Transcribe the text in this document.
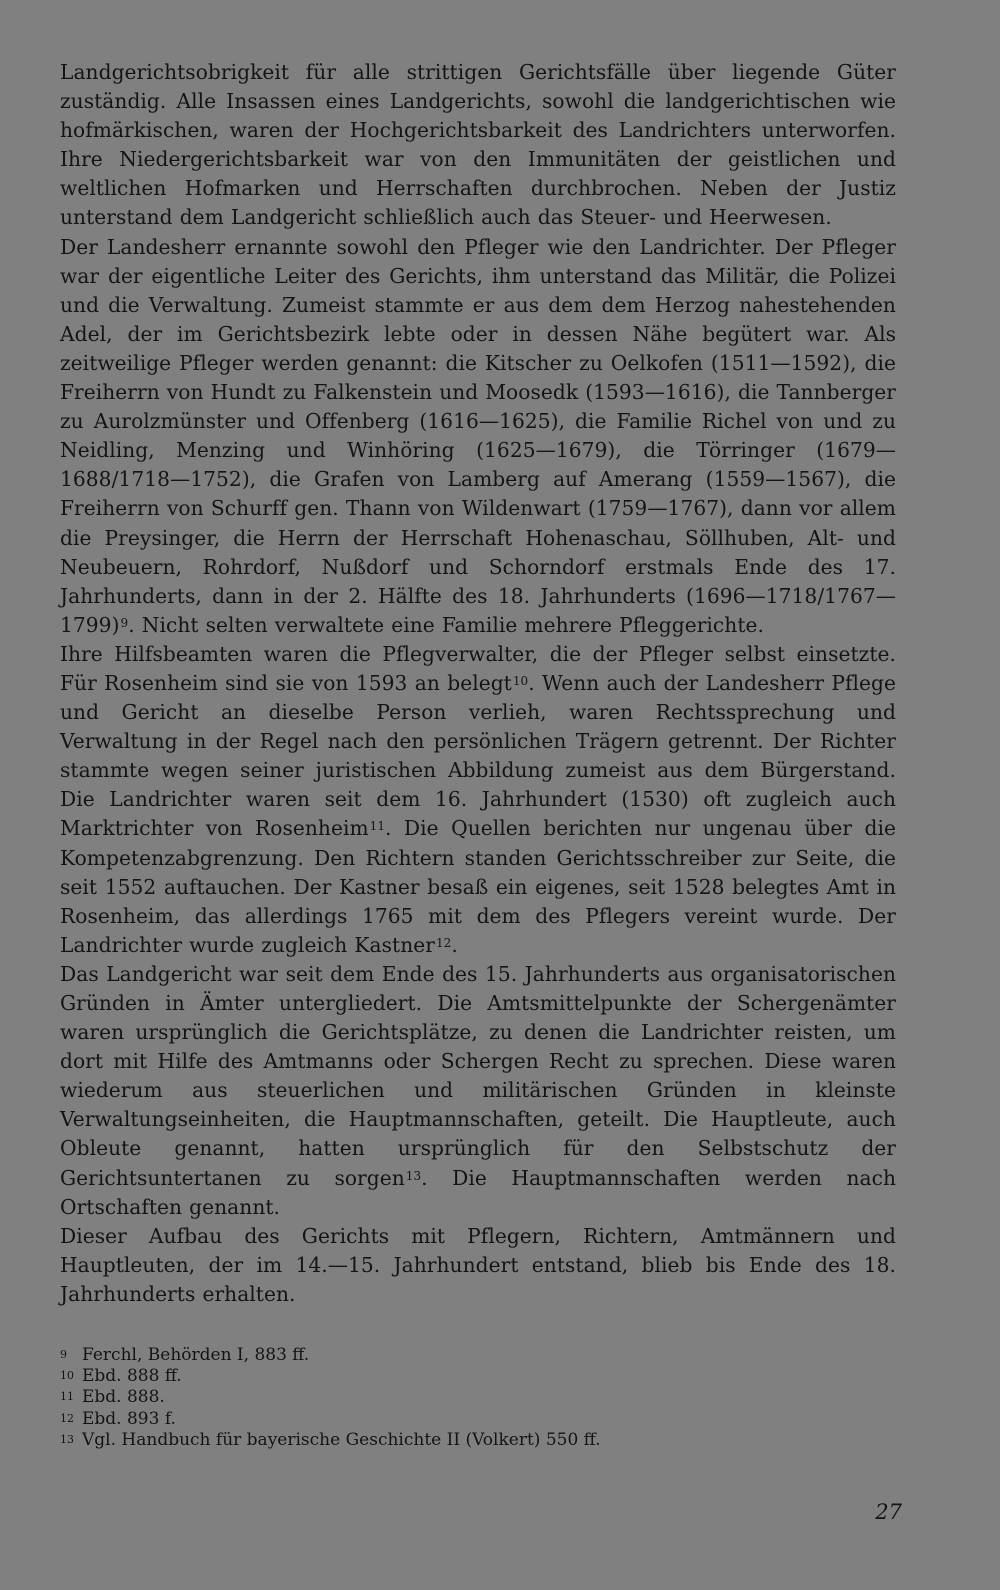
Landgerichtsobrigkeit für alle strittigen Gerichtsfälle über liegende Güter zuständig. Alle Insassen eines Landgerichts, sowohl die landgerichtischen wie hofmärkischen, waren der Hochgerichtsbarkeit des Landrichters unterworfen. Ihre Niedergerichtsbarkeit war von den Immunitäten der geistlichen und weltlichen Hofmarken und Herrschaften durchbrochen. Neben der Justiz unterstand dem Landgericht schließlich auch das Steuer- und Heerwesen.

Der Landesherr ernannte sowohl den Pfleger wie den Landrichter. Der Pfleger war der eigentliche Leiter des Gerichts, ihm unterstand das Militär, die Polizei und die Verwaltung. Zumeist stammte er aus dem dem Herzog nahestehenden Adel, der im Gerichtsbezirk lebte oder in dessen Nähe begütert war. Als zeitweilige Pfleger werden genannt: die Kitscher zu Oelkofen (1511—1592), die Freiherrn von Hundt zu Falkenstein und Moosedk (1593—1616), die Tannberger zu Aurolzmünster und Offenberg (1616—1625), die Familie Richel von und zu Neidling, Menzing und Winhöring (1625—1679), die Törringer (1679—1688/1718—1752), die Grafen von Lamberg auf Amerang (1559—1567), die Freiherrn von Schurff gen. Thann von Wildenwart (1759—1767), dann vor allem die Preysinger, die Herrn der Herrschaft Hohenaschau, Söllhuben, Alt- und Neubeuern, Rohrdorf, Nußdorf und Schorndorf erstmals Ende des 17. Jahrhunderts, dann in der 2. Hälfte des 18. Jahrhunderts (1696—1718/1767—1799)$^9$. Nicht selten verwaltete eine Familie mehrere Pfleggerichte.

Ihre Hilfsbeamten waren die Pflegverwalter, die der Pfleger selbst einsetzte. Für Rosenheim sind sie von 1593 an belegt$^{10}$. Wenn auch der Landesherr Pflege und Gericht an dieselbe Person verlieh, waren Rechtssprechung und Verwaltung in der Regel nach den persönlichen Trägern getrennt. Der Richter stammte wegen seiner juristischen Abbildung zumeist aus dem Bürgerstand. Die Landrichter waren seit dem 16. Jahrhundert (1530) oft zugleich auch Marktrichter von Rosenheim$^{11}$. Die Quellen berichten nur ungenau über die Kompetenzabgrenzung. Den Richtern standen Gerichtsschreiber zur Seite, die seit 1552 auftauchen. Der Kastner besaß ein eigenes, seit 1528 belegtes Amt in Rosenheim, das allerdings 1765 mit dem des Pflegers vereint wurde. Der Landrichter wurde zugleich Kastner$^{12}$.

Das Landgericht war seit dem Ende des 15. Jahrhunderts aus organisatorischen Gründen in Ämter untergliedert. Die Amtsmittelpunkte der Schergenämter waren ursprünglich die Gerichtsplätze, zu denen die Landrichter reisten, um dort mit Hilfe des Amtmanns oder Schergen Recht zu sprechen. Diese waren wiederum aus steuerlichen und militärischen Gründen in kleinste Verwaltungseinheiten, die Hauptmannschaften, geteilt. Die Hauptleute, auch Obleute genannt, hatten ursprünglich für den Selbstschutz der Gerichtsuntertanen zu sorgen$^{13}$. Die Hauptmannschaften werden nach Ortschaften genannt.

Dieser Aufbau des Gerichts mit Pflegern, Richtern, Amtmännern und Hauptleuten, der im 14.—15. Jahrhundert entstand, blieb bis Ende des 18. Jahrhunderts erhalten.

9 Ferchl, Behörden I, 883 ff.
10 Ebd. 888 ff.
11 Ebd. 888.
12 Ebd. 893 f.
13 Vgl. Handbuch für bayerische Geschichte II (Volkert) 550 ff.
27
